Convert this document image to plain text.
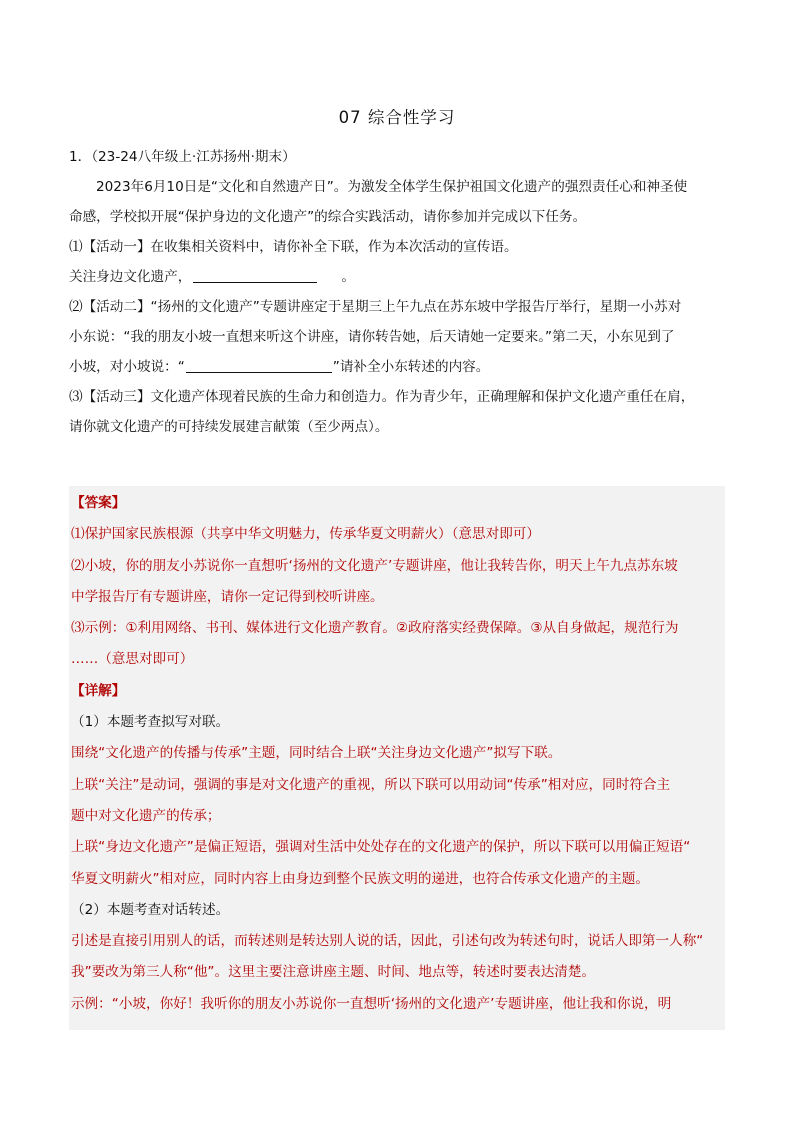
07 综合性学习
1．（23-24八年级上·江苏扬州·期末）
2023年6月10日是“文化和自然遗产日”。为激发全体学生保护祖国文化遗产的强烈责任心和神圣使
命感，学校拟开展“保护身边的文化遗产”的综合实践活动，请你参加并完成以下任务。
⑴【活动一】在收集相关资料中，请你补全下联，作为本次活动的宣传语。
关注身边文化遗产，	。
⑵【活动二】“扬州的文化遗产”专题讲座定于星期三上午九点在苏东坡中学报告厅举行，星期一小苏对
小东说：“我的朋友小坡一直想来听这个讲座，请你转告她，后天请她一定要来。”第二天，小东见到了
小坡，对小坡说：“	”请补全小东转述的内容。
⑶【活动三】文化遗产体现着民族的生命力和创造力。作为青少年，正确理解和保护文化遗产重任在肩，
请你就文化遗产的可持续发展建言献策（至少两点）。
【答案】
⑴保护国家民族根源（共享中华文明魅力，传承华夏文明薪火）（意思对即可）
⑵小坡，你的朋友小苏说你一直想听‘扬州的文化遗产’专题讲座，他让我转告你，明天上午九点苏东坡
中学报告厅有专题讲座，请你一定记得到校听讲座。
⑶示例：①利用网络、书刊、媒体进行文化遗产教育。②政府落实经费保障。③从自身做起，规范行为
……（意思对即可）
【详解】
（1）本题考查拟写对联。
围绕“文化遗产的传播与传承”主题，同时结合上联“关注身边文化遗产”拟写下联。
上联“关注”是动词，强调的事是对文化遗产的重视，所以下联可以用动词“传承”相对应，同时符合主
题中对文化遗产的传承；
上联“身边文化遗产”是偏正短语，强调对生活中处处存在的文化遗产的保护，所以下联可以用偏正短语“
华夏文明薪火”相对应，同时内容上由身边到整个民族文明的递进，也符合传承文化遗产的主题。
（2）本题考查对话转述。
引述是直接引用别人的话，而转述则是转达别人说的话，因此，引述句改为转述句时，说话人即第一人称“
我”要改为第三人称“他”。这里主要注意讲座主题、时间、地点等，转述时要表达清楚。
示例：“小坡，你好！我听你的朋友小苏说你一直想听‘扬州的文化遗产’专题讲座，他让我和你说，明
